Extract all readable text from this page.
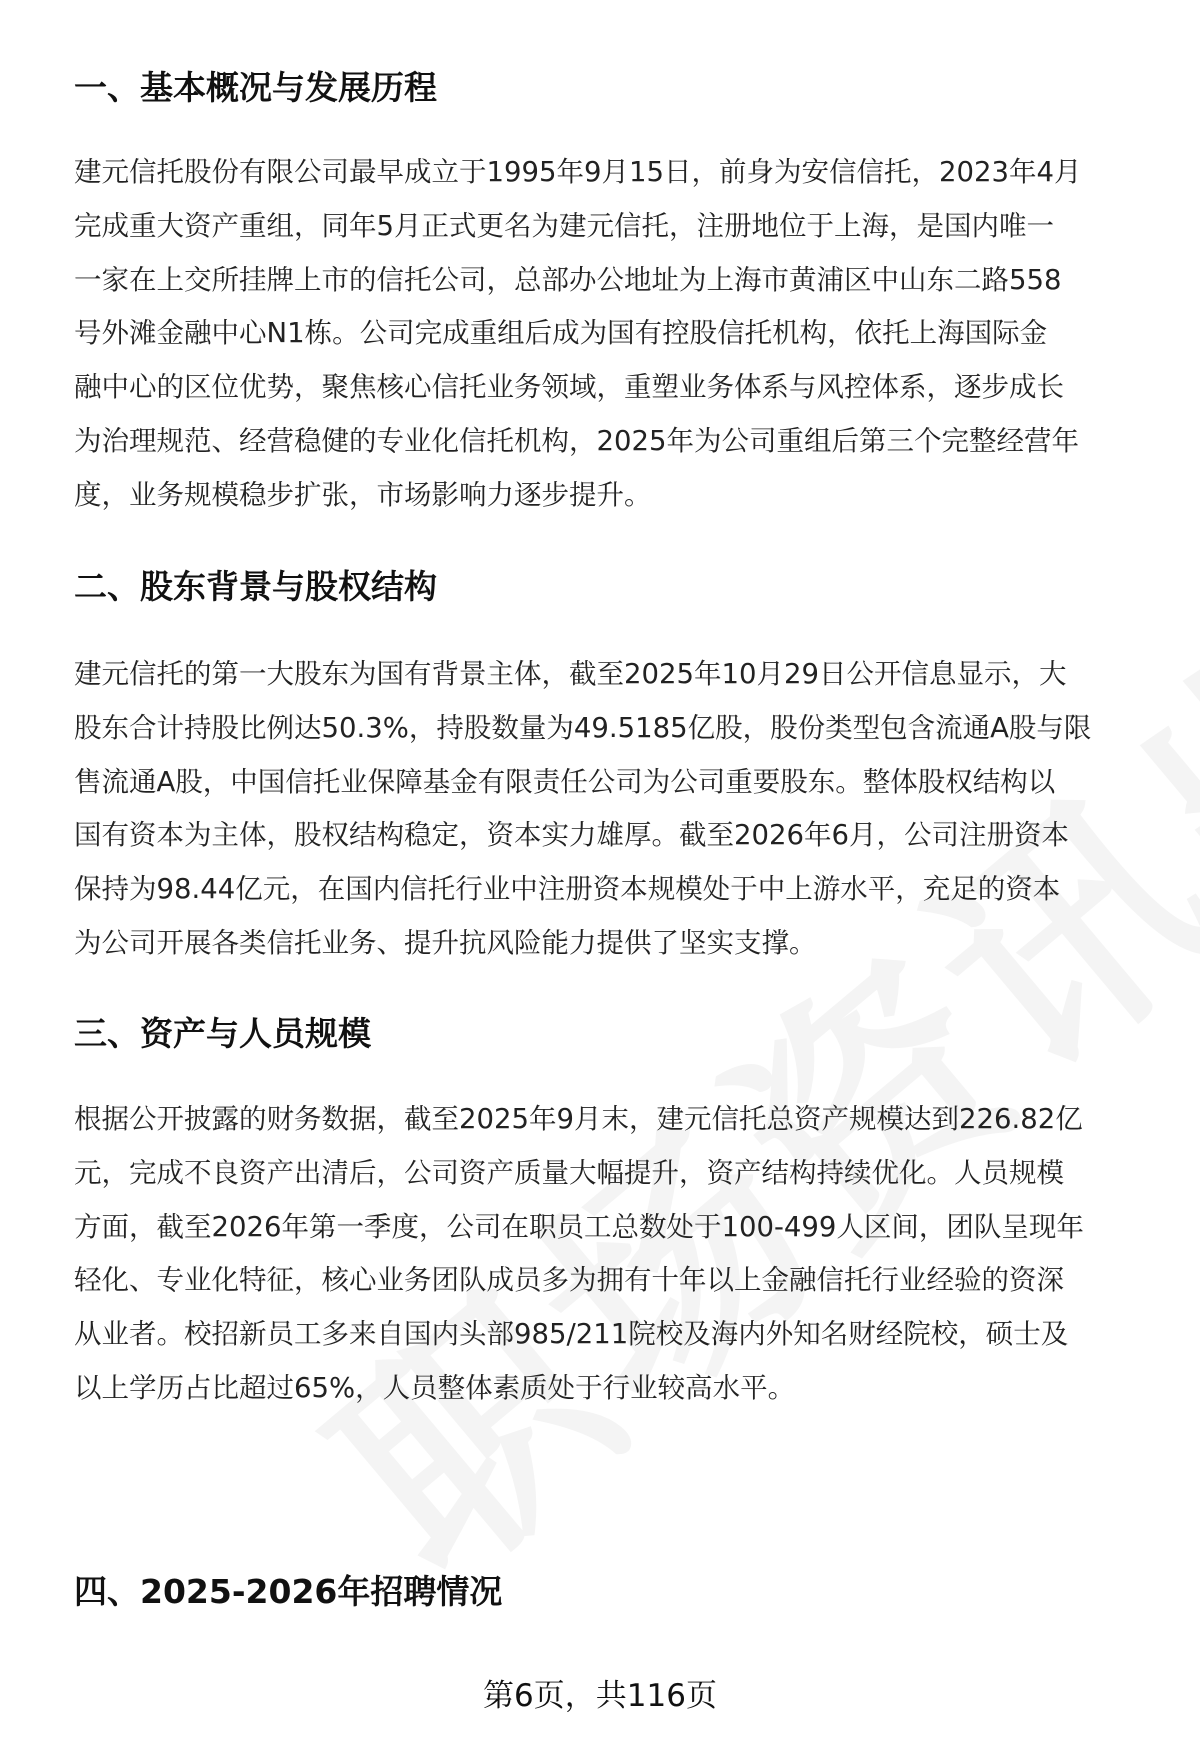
一、基本概况与发展历程
建元信托股份有限公司最早成立于1995年9月15日，前身为安信信托，2023年4月
完成重大资产重组，同年5月正式更名为建元信托，注册地位于上海，是国内唯一
一家在上交所挂牌上市的信托公司，总部办公地址为上海市黄浦区中山东二路558
号外滩金融中心N1栋。公司完成重组后成为国有控股信托机构，依托上海国际金
融中心的区位优势，聚焦核心信托业务领域，重塑业务体系与风控体系，逐步成长
为治理规范、经营稳健的专业化信托机构，2025年为公司重组后第三个完整经营年
度，业务规模稳步扩张，市场影响力逐步提升。
二、股东背景与股权结构
建元信托的第一大股东为国有背景主体，截至2025年10月29日公开信息显示，大
股东合计持股比例达50.3%，持股数量为49.5185亿股，股份类型包含流通A股与限
售流通A股，中国信托业保障基金有限责任公司为公司重要股东。整体股权结构以
国有资本为主体，股权结构稳定，资本实力雄厚。截至2026年6月，公司注册资本
保持为98.44亿元，在国内信托行业中注册资本规模处于中上游水平，充足的资本
为公司开展各类信托业务、提升抗风险能力提供了坚实支撑。
三、资产与人员规模
根据公开披露的财务数据，截至2025年9月末，建元信托总资产规模达到226.82亿
元，完成不良资产出清后，公司资产质量大幅提升，资产结构持续优化。人员规模
方面，截至2026年第一季度，公司在职员工总数处于100-499人区间，团队呈现年
轻化、专业化特征，核心业务团队成员多为拥有十年以上金融信托行业经验的资深
从业者。校招新员工多来自国内头部985/211院校及海内外知名财经院校，硕士及
以上学历占比超过65%，人员整体素质处于行业较高水平。
四、2025-2026年招聘情况
第6页，共116页
